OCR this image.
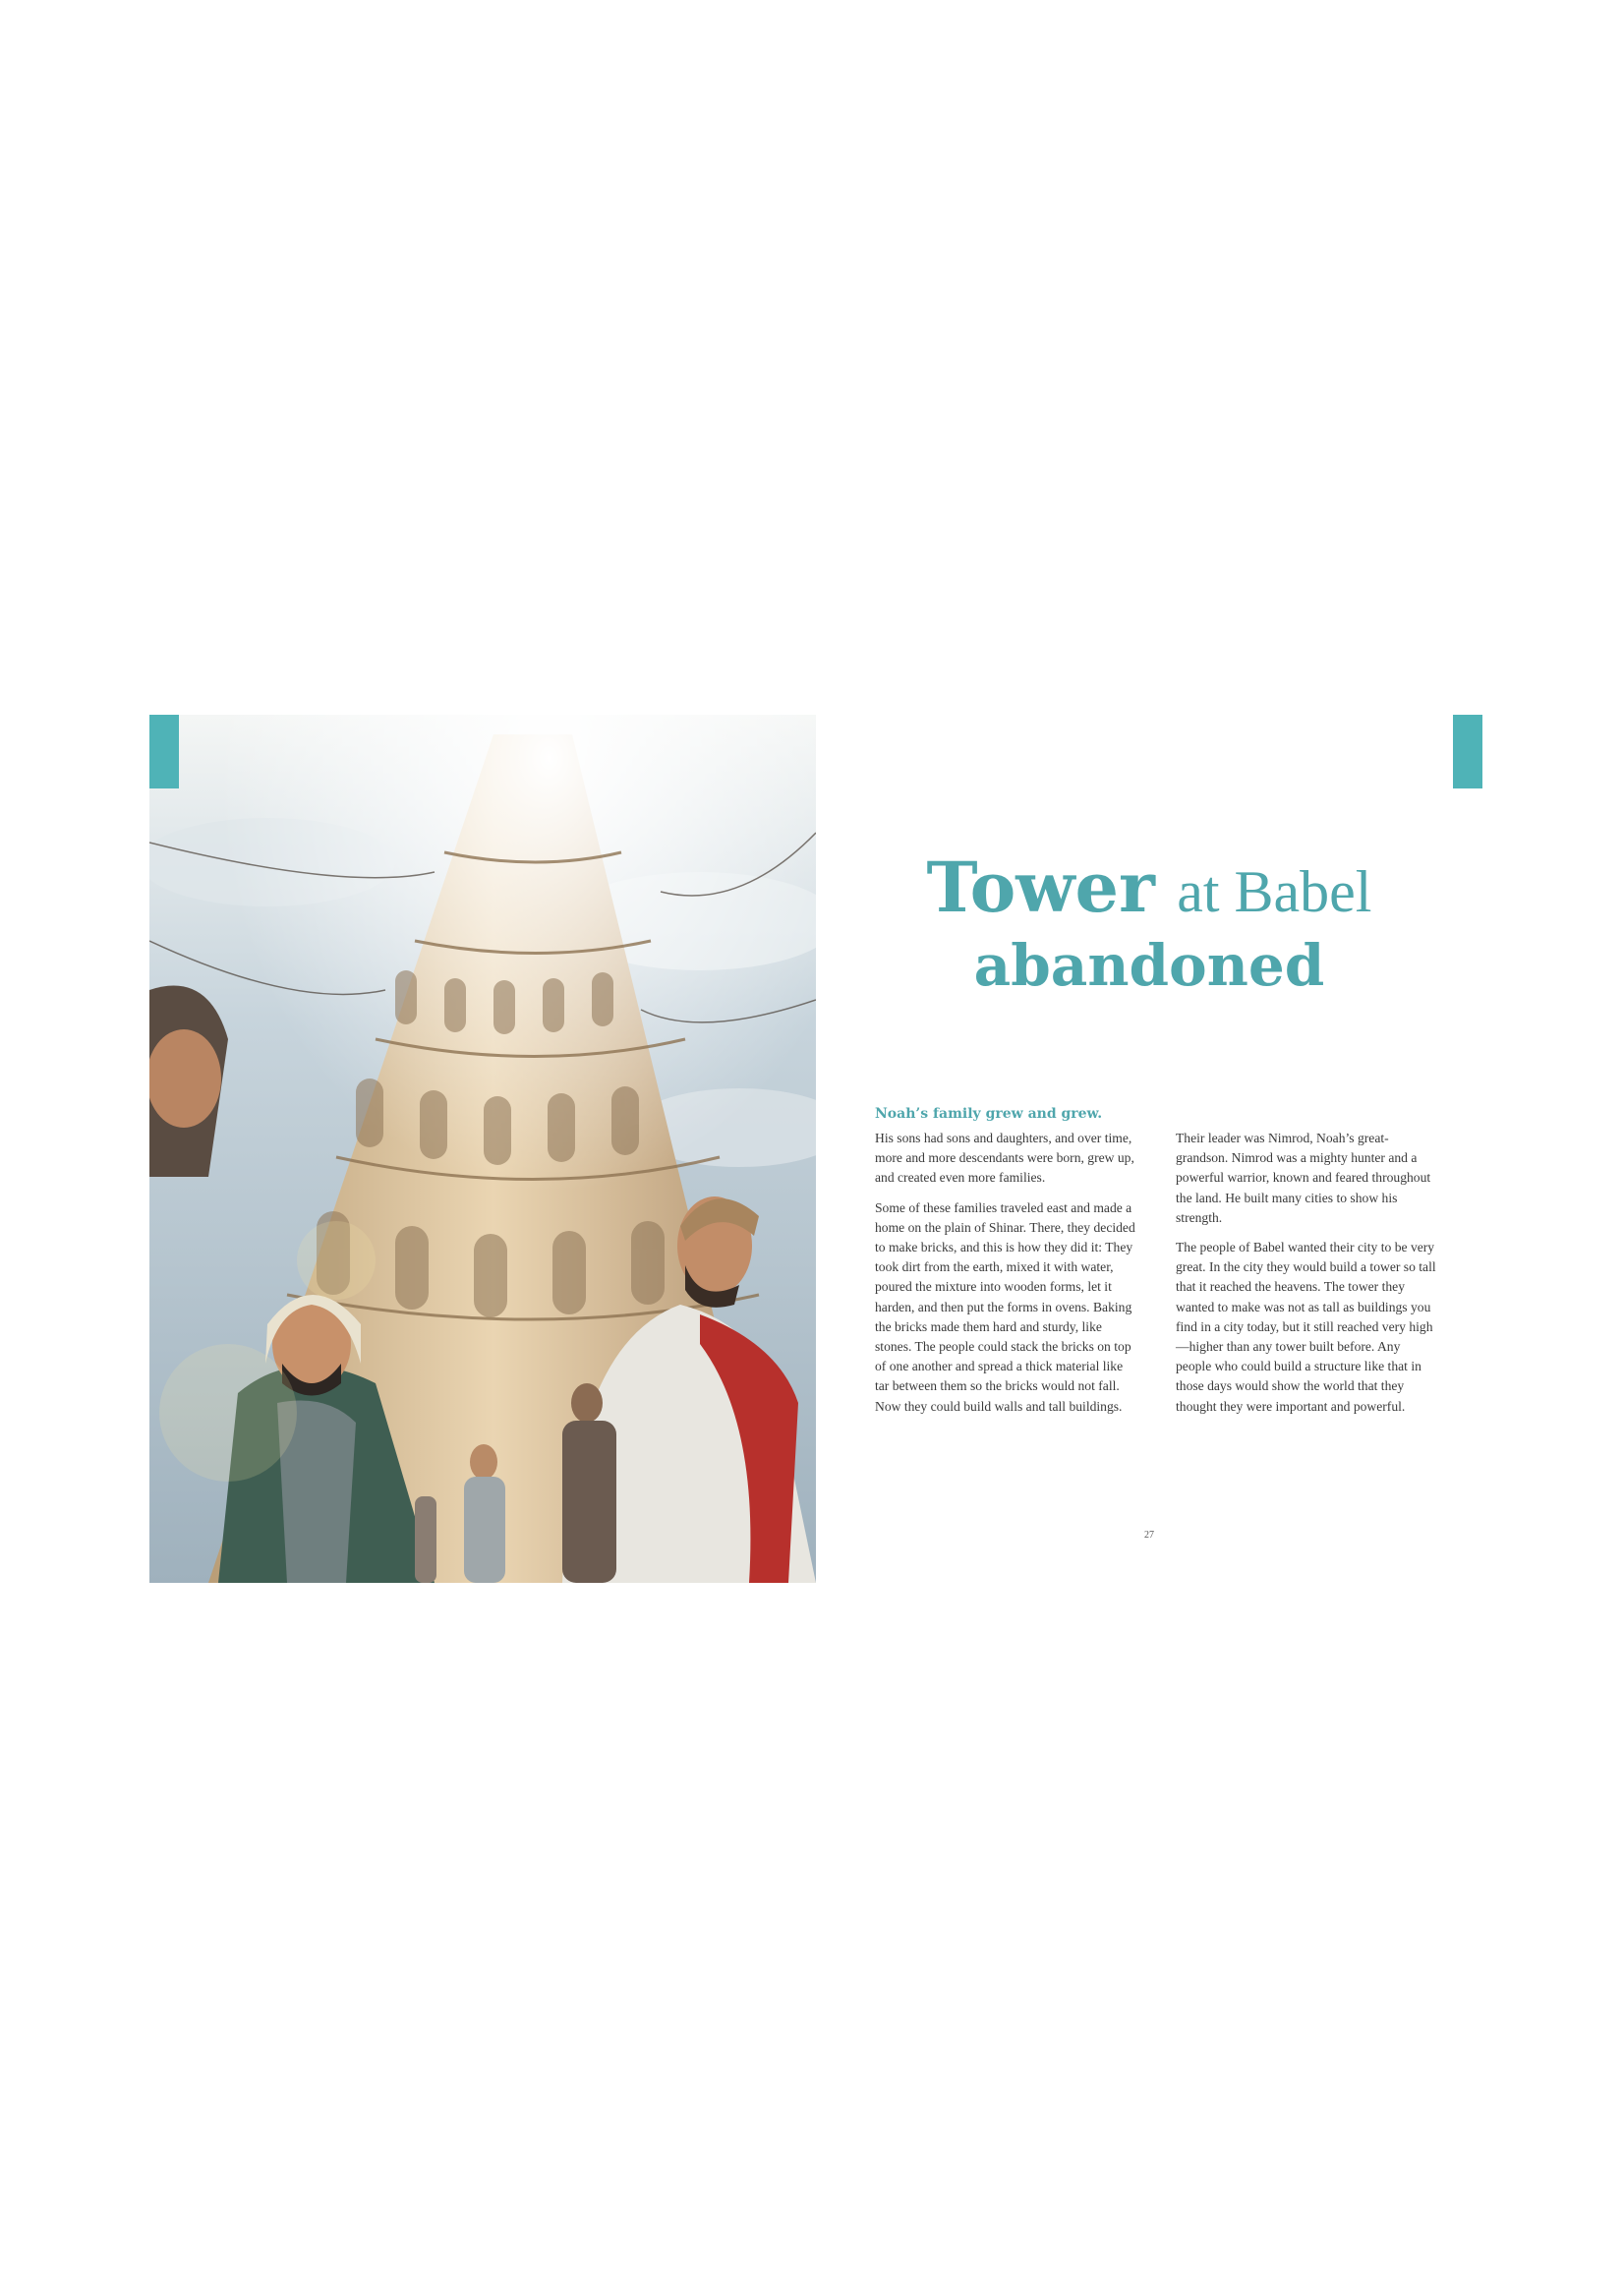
Tower at Babel
abandoned
Noah’s family grew and grew.

His sons had sons and daughters, and over time, more and more descendants were born, grew up, and created even more families.

Some of these families traveled east and made a home on the plain of Shinar. There, they decided to make bricks, and this is how they did it: They took dirt from the earth, mixed it with water, poured the mixture into wooden forms, let it harden, and then put the forms in ovens. Baking the bricks made them hard and sturdy, like stones. The people could stack the bricks on top of one another and spread a thick material like tar between them so the bricks would not fall. Now they could build walls and tall buildings.

Their leader was Nimrod, Noah’s great-grandson. Nimrod was a mighty hunter and a powerful warrior, known and feared throughout the land. He built many cities to show his strength.

The people of Babel wanted their city to be very great. In the city they would build a tower so tall that it reached the heavens. The tower they wanted to make was not as tall as buildings you find in a city today, but it still reached very high—higher than any tower built before. Any people who could build a structure like that in those days would show the world that they thought they were important and powerful.

27
